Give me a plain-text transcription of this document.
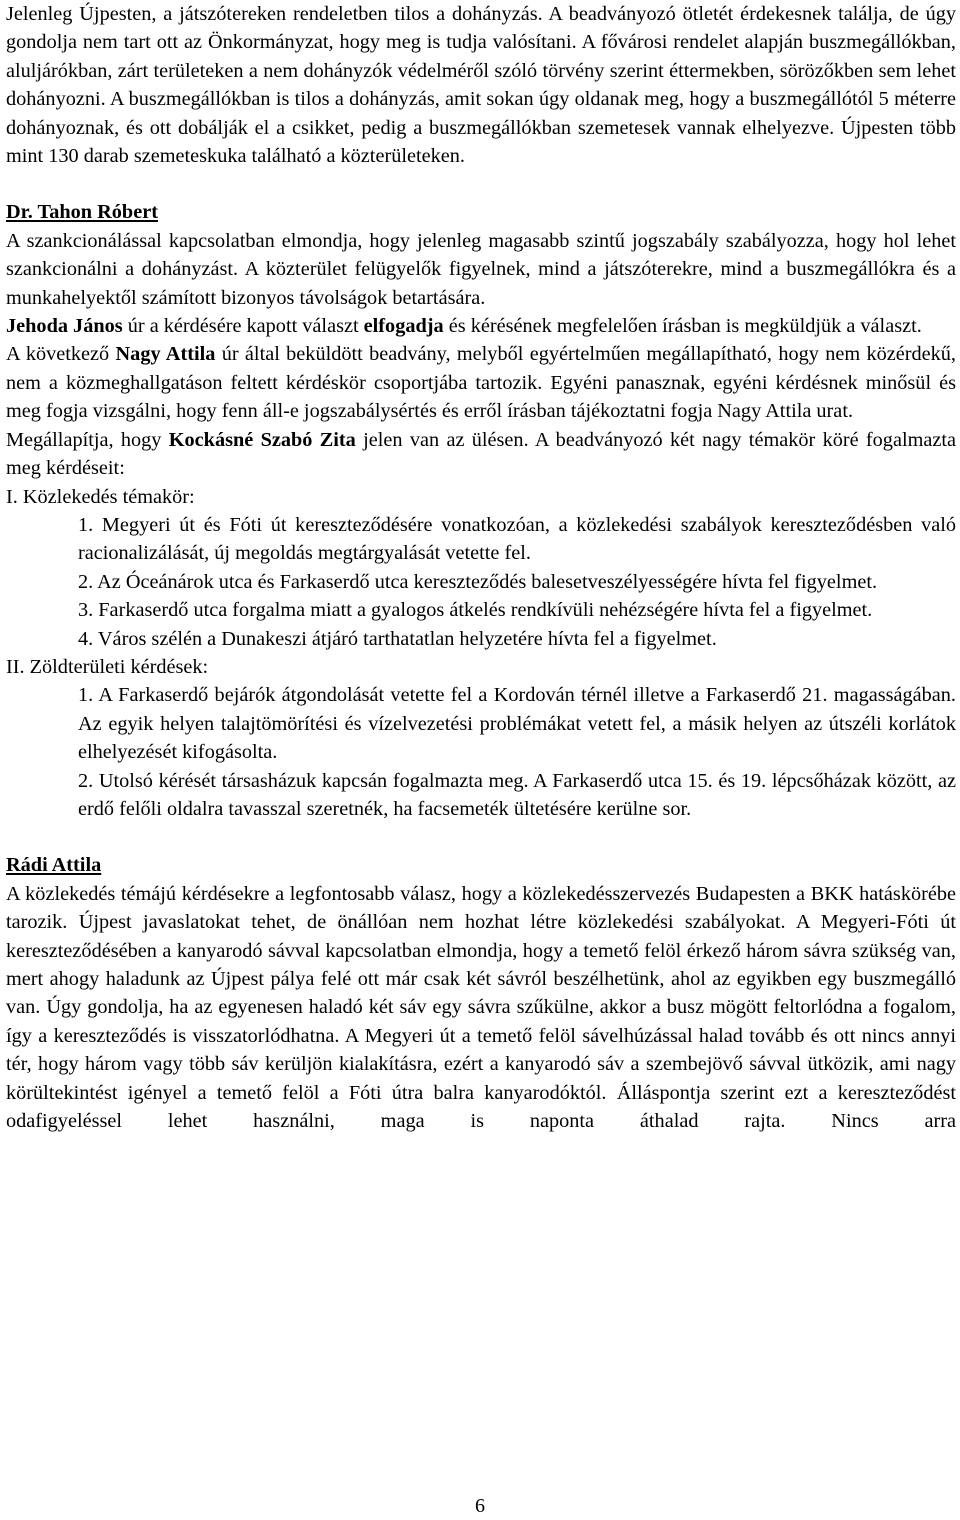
Jelenleg Újpesten, a játszótereken rendeletben tilos a dohányzás. A beadványozó ötletét érdekesnek találja, de úgy gondolja nem tart ott az Önkormányzat, hogy meg is tudja valósítani. A fővárosi rendelet alapján buszmegállókban, aluljárókban, zárt területeken a nem dohányzók védelméről szóló törvény szerint éttermekben, sörözőkben sem lehet dohányozni. A buszmegállókban is tilos a dohányzás, amit sokan úgy oldanak meg, hogy a buszmegállótól 5 méterre dohányoznak, és ott dobálják el a csikket, pedig a buszmegállókban szemetesek vannak elhelyezve. Újpesten több mint 130 darab szemeteskuka található a közterületeken.

Dr. Tahon Róbert

A szankcionálással kapcsolatban elmondja, hogy jelenleg magasabb szintű jogszabály szabályozza, hogy hol lehet szankcionálni a dohányzást. A közterület felügyelők figyelnek, mind a játszóterekre, mind a buszmegállókra és a munkahelyektől számított bizonyos távolságok betartására.

Jehoda János úr a kérdésére kapott választ elfogadja és kérésének megfelelően írásban is megküldjük a választ.

A következő Nagy Attila úr által beküldött beadvány, melyből egyértelműen megállapítható, hogy nem közérdekű, nem a közmeghallgatáson feltett kérdéskör csoportjába tartozik. Egyéni panasznak, egyéni kérdésnek minősül és meg fogja vizsgálni, hogy fenn áll-e jogszabálysértés és erről írásban tájékoztatni fogja Nagy Attila urat.

Megállapítja, hogy Kockásné Szabó Zita jelen van az ülésen. A beadványozó két nagy témakör köré fogalmazta meg kérdéseit:

I. Közlekedés témakör:

1. Megyeri út és Fóti út kereszteződésére vonatkozóan, a közlekedési szabályok kereszteződésben való racionalizálását, új megoldás megtárgyalását vetette fel.

2. Az Óceánárok utca és Farkaserdő utca kereszteződés balesetveszélyességére hívta fel figyelmet.

3. Farkaserdő utca forgalma miatt a gyalogos átkelés rendkívüli nehézségére hívta fel a figyelmet.

4. Város szélén a Dunakeszi átjáró tarthatatlan helyzetére hívta fel a figyelmet.

II. Zöldterületi kérdések:

1. A Farkaserdő bejárók átgondolását vetette fel a Kordován térnél illetve a Farkaserdő 21. magasságában. Az egyik helyen talajtömörítési és vízelvezetési problémákat vetett fel, a másik helyen az útszéli korlátok elhelyezését kifogásolta.

2. Utolsó kérését társasházuk kapcsán fogalmazta meg. A Farkaserdő utca 15. és 19. lépcsőházak között, az erdő felőli oldalra tavasszal szeretnék, ha facsemeték ültetésére kerülne sor.

Rádi Attila

A közlekedés témájú kérdésekre a legfontosabb válasz, hogy a közlekedésszervezés Budapesten a BKK hatáskörébe tarozik. Újpest javaslatokat tehet, de önállóan nem hozhat létre közlekedési szabályokat. A Megyeri-Fóti út kereszteződésében a kanyarodó sávval kapcsolatban elmondja, hogy a temető felöl érkező három sávra szükség van, mert ahogy haladunk az Újpest pálya felé ott már csak két sávról beszélhetünk, ahol az egyikben egy buszmegálló van. Úgy gondolja, ha az egyenesen haladó két sáv egy sávra szűkülne, akkor a busz mögött feltorlódna a fogalom, így a kereszteződés is visszatorlódhatna. A Megyeri út a temető felöl sávelhúzással halad tovább és ott nincs annyi tér, hogy három vagy több sáv kerüljön kialakításra, ezért a kanyarodó sáv a szembejövő sávval ütközik, ami nagy körültekintést igényel a temető felöl a Fóti útra balra kanyarodóktól. Álláspontja szerint ezt a kereszteződést odafigyeléssel lehet használni, maga is naponta áthalad rajta. Nincs arra

6
